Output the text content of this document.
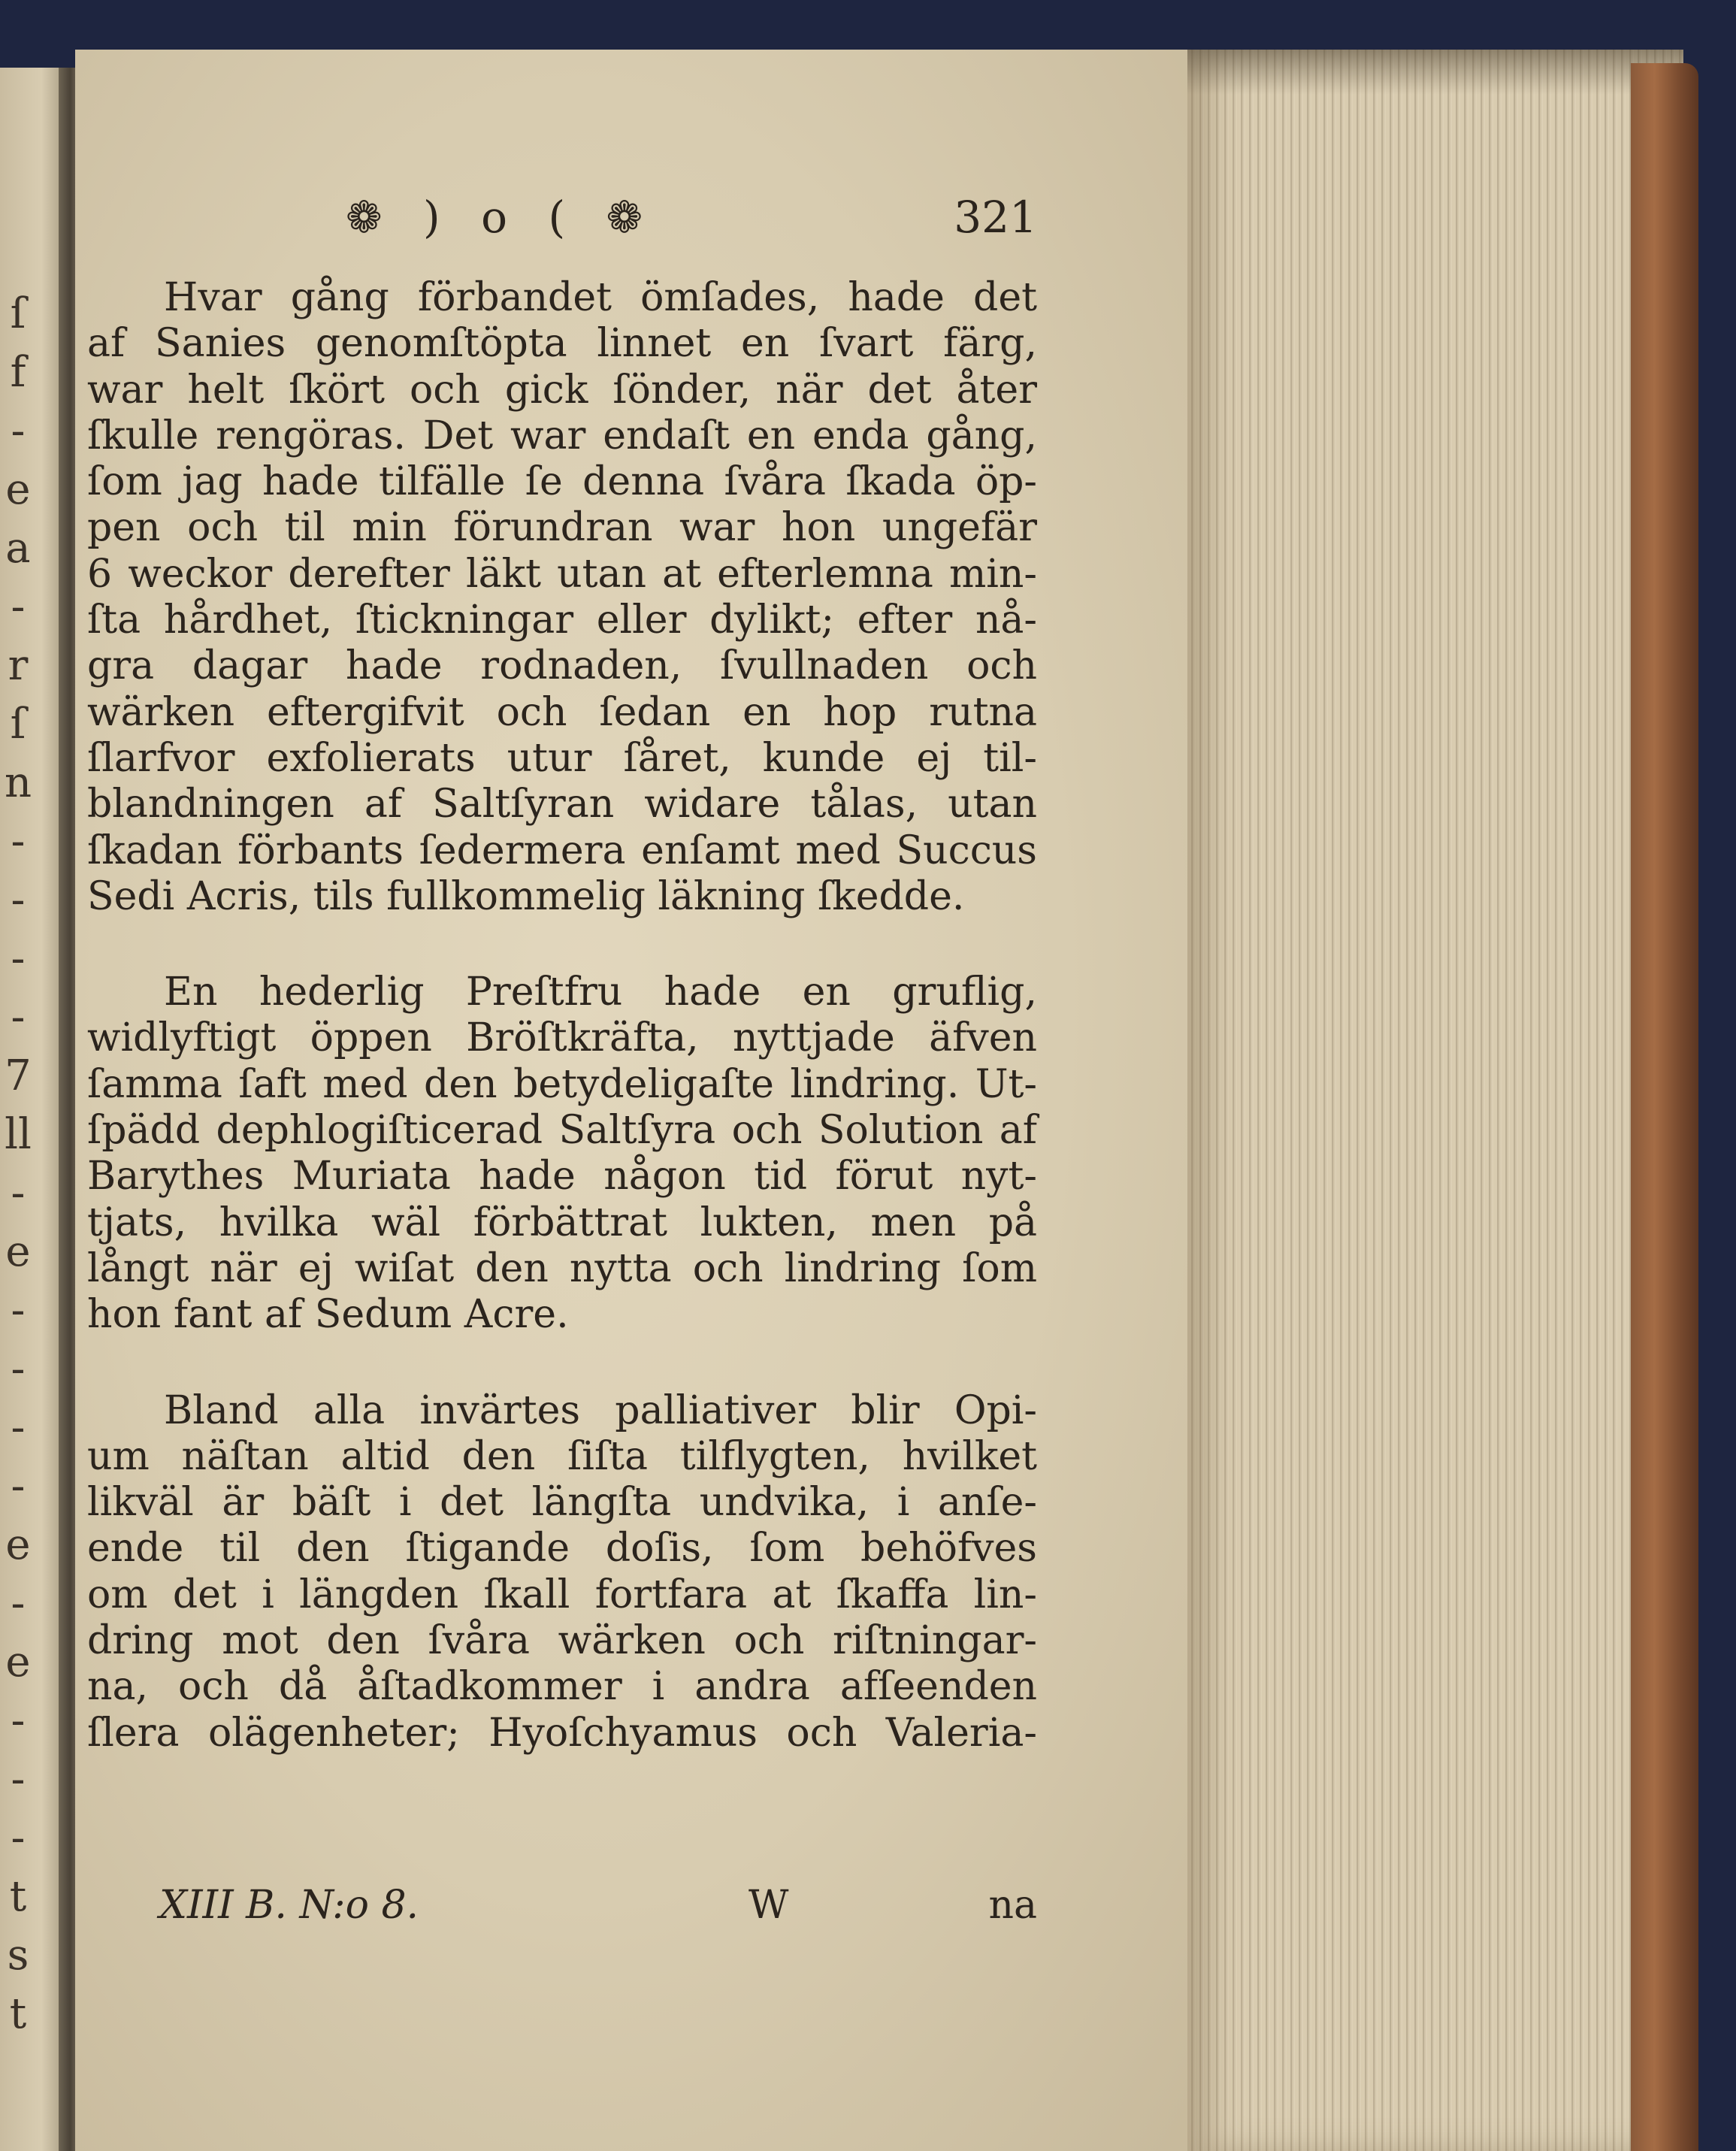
ſ
f
-
e
a
-
r
ſ
n
-
-
-
-
7
ll
-
e
-
-
-
-
e
-
e
-
-
-
t
s
t
❁ ) o ( ❁	321
Hvar gång förbandet ömſades, hade det
af Sanies genomſtöpta linnet en ſvart färg,
war helt ſkört och gick ſönder, när det åter
ſkulle rengöras. Det war endaſt en enda gång,
ſom jag hade tilfälle ſe denna ſvåra ſkada öp-
pen och til min förundran war hon ungefär
6 weckor derefter läkt utan at efterlemna min-
ſta hårdhet, ſtickningar eller dylikt; efter nå-
gra dagar hade rodnaden, ſvullnaden och
wärken eftergifvit och ſedan en hop rutna
ſlarfvor exfolierats utur ſåret, kunde ej til-
blandningen af Saltſyran widare tålas, utan
ſkadan förbants ſedermera enſamt med Succus
Sedi Acris, tils fullkommelig läkning ſkedde.
En hederlig Preſtfru hade en gruflig,
widlyftigt öppen Bröſtkräfta, nyttjade äfven
ſamma ſaft med den betydeligaſte lindring. Ut-
ſpädd dephlogiſticerad Saltſyra och Solution af
Barythes Muriata hade någon tid förut nyt-
tjats, hvilka wäl förbättrat lukten, men på
långt när ej wiſat den nytta och lindring ſom
hon fant af Sedum Acre.
Bland alla invärtes palliativer blir Opi-
um näſtan altid den ſiſta tilflygten, hvilket
likväl är bäſt i det längſta undvika, i anſe-
ende til den ſtigande doſis, ſom behöfves
om det i längden ſkall fortfara at ſkaffa lin-
dring mot den ſvåra wärken och riſtningar-
na, och då åſtadkommer i andra afſeenden
ſlera olägenheter; Hyoſchyamus och Valeria-
XIII B. N:o 8.	W	na
